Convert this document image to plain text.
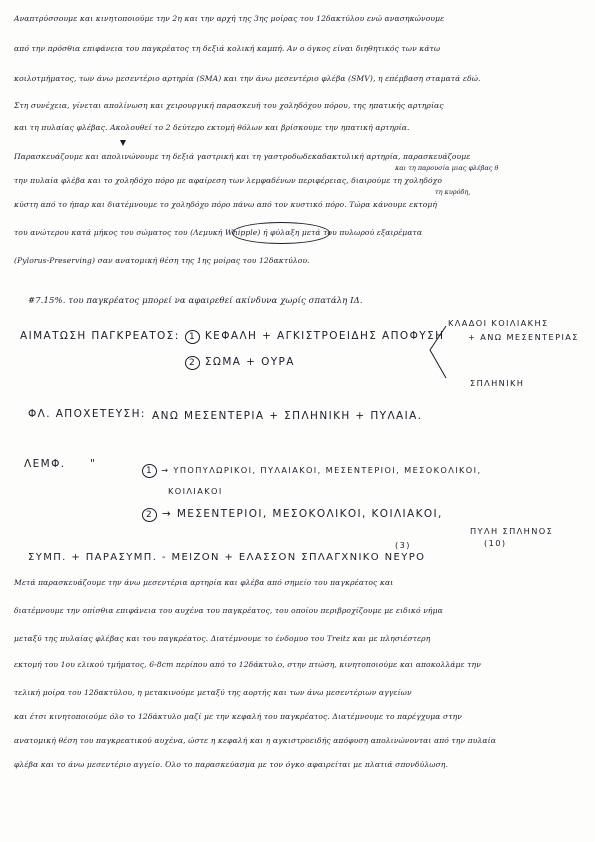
Αναπτρύσσουμε και κινητοποιούμε την 2η και την αρχή της 3ης μοίρας του 12δακτύλου ενώ ανασηκώνουμε
από την πρόσθια επιφάνεια του παγκρέατος τη δεξιά κολική καμπή. Αν ο όγκος είναι διηθητικός των κάτω
κοιλοτμήματος, των άνω μεσεντέριο αρτηρία (SMA) και την άνω μεσεντέριο φλέβα (SMV), η επέμβαση σταματά εδώ.
Στη συνέχεια, γίνεται απολίνωση και χειρουργική παρασκευή του χοληδόχου πόρου, της ηπατικής αρτηρίας
και τη πυλαίας φλέβας. Ακολουθεί το 2 δεύτερο εκτομή θόλων και βρίσκουμε την ηπατική αρτηρία.
Παρασκευάζουμε και απολινώνουμε τη δεξιά γαστρική και τη γαστροδωδεκαδακτυλική αρτηρία, παρασκευάζουμε
και τη παρουσία μιας φλέβας θ
την πυλαία φλέβα και το χοληδόχο πόρο με αφαίρεση των λεμφαδένων περιφέρειας, διαιρούμε τη χοληδόχο
τη κυρόδη,
κύστη από το ήπαρ και διατέμνουμε το χοληδόχο πόρο πάνω από τον κυστικό πόρο. Τώρα κάνουμε εκτομή
του ανώτερου κατά μήκος του σώματος του (Λεμυκή Whipple) ή φύλαξη μετά του πυλωρού εξαιρέματα
(Pylorus-Preserving) σαν ανατομική θέση της 1ης μοίρας του 12δακτύλου.
#7.15%. του παγκρέατος μπορεί να αφαιρεθεί ακίνδυνα χωρίς σπατάλη ΙΔ.
ΑΙΜΑΤΩΣΗ ΠΑΓΚΡΕΑΤΟΣ:	1 ΚΕΦΑΛΗ + ΑΓΚΙΣΤΡΟΕΙΔΗΣ ΑΠΟΦΥΣΗ
ΚΛΑΔΟΙ ΚΟΙΛΙΑΚΗΣ
+ ΑΝΩ ΜΕΣΕΝΤΕΡΙΑΣ
ΣΠΛΗΝΙΚΗ
2 ΣΩΜΑ + ΟΥΡΑ
ΦΛ. ΑΠΟΧΕΤΕΥΣΗ: ΑΝΩ ΜΕΣΕΝΤΕΡΙΑ + ΣΠΛΗΝΙΚΗ + ΠΥΛΑΙΑ.
ΛΕΜΦ. "
1 → ΥΠΟΠΥΛΩΡΙΚΟΙ, ΠΥΛΑΙΑΚΟΙ, ΜΕΣΕΝΤΕΡΙΟΙ, ΜΕΣΟΚΟΛΙΚΟΙ,
ΚΟΙΛΙΑΚΟΙ
2 → ΜΕΣΕΝΤΕΡΙΟΙ, ΜΕΣΟΚΟΛΙΚΟΙ, ΚΟΙΛΙΑΚΟΙ,
ΠΥΛΗ ΣΠΛΗΝΟΣ
(3)	(10)
ΣΥΜΠ. + ΠΑΡΑΣΥΜΠ. - ΜΕΙΖΟΝ + ΕΛΑΣΣΟΝ ΣΠΛΑΓΧΝΙΚΟ ΝΕΥΡΟ
Μετά παρασκευάζουμε την άνω μεσεντέρια αρτηρία και φλέβα από σημείο του παγκρέατος και
διατέμνουμε την οπίσθια επιφάνεια του αυχένα του παγκρέατος, του οποίου περιβροχίζουμε με ειδικό νήμα
μεταξύ της πυλαίας φλέβας και του παγκρέατος. Διατέμνουμε το ένδομυο του Treitz και με πλησιέστερη
εκτομή του 1ου ελικού τμήματος, 6-8cm περίπου από το 12δάκτυλο, στην πτώση, κινητοποιούμε και αποκολλάμε την
τελική μοίρα του 12δακτύλου, η μετακινούμε μεταξύ της αορτής και των άνω μεσεντέριων αγγείων
και έτσι κινητοποιούμε όλο το 12δάκτυλο μαζί με την κεφαλή του παγκρέατος. Διατέμνουμε το παρέγχυμα στην
ανατομική θέση του παγκρεατικού αυχένα, ώστε η κεφαλή και η αγκιστροειδής απόφυση απολινώνονται από την πυλαία
φλέβα και το άνω μεσεντέριο αγγείο. Όλο το παρασκεύασμα με τον όγκο αφαιρείται με πλατιά σπονδύλωση.
